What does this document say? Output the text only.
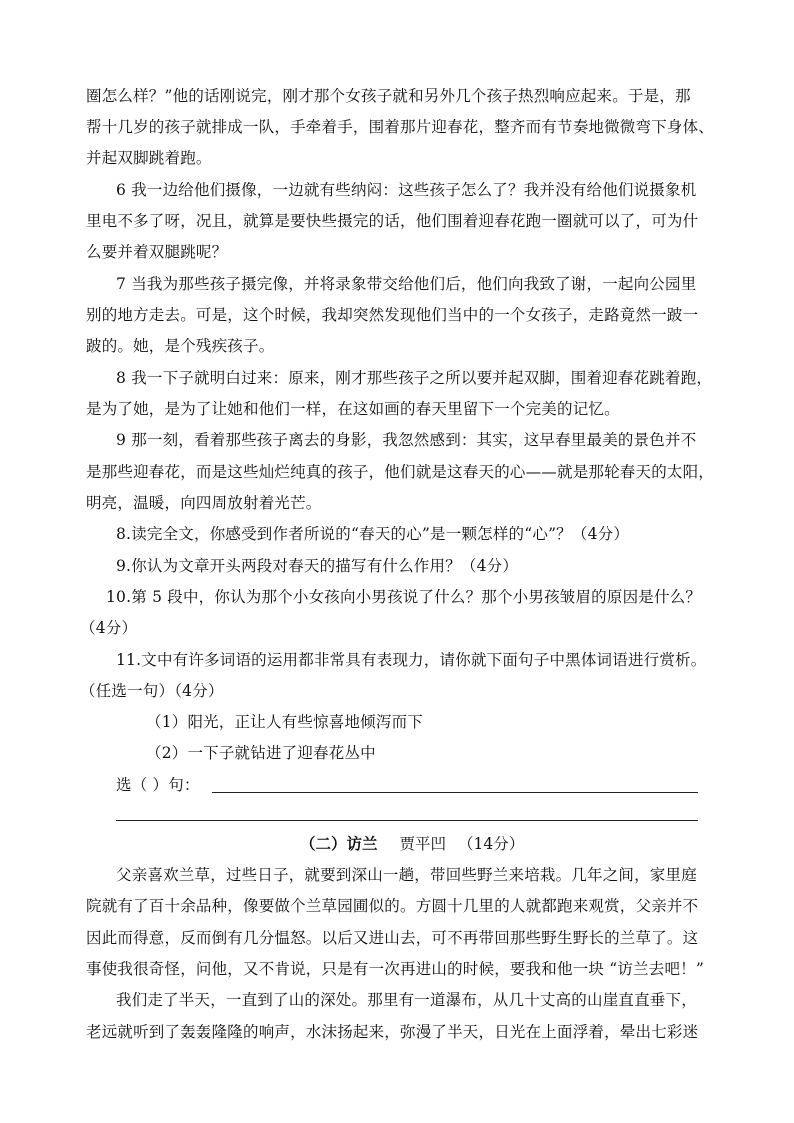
圈怎么样？”他的话刚说完，刚才那个女孩子就和另外几个孩子热烈响应起来。于是，那
帮十几岁的孩子就排成一队，手牵着手，围着那片迎春花，整齐而有节奏地微微弯下身体、
并起双脚跳着跑。
6 我一边给他们摄像，一边就有些纳闷：这些孩子怎么了？我并没有给他们说摄象机
里电不多了呀，况且，就算是要快些摄完的话，他们围着迎春花跑一圈就可以了，可为什
么要并着双腿跳呢？
7 当我为那些孩子摄完像，并将录象带交给他们后，他们向我致了谢，一起向公园里
别的地方走去。可是，这个时候，我却突然发现他们当中的一个女孩子，走路竟然一跛一
跛的。她，是个残疾孩子。
8 我一下子就明白过来：原来，刚才那些孩子之所以要并起双脚，围着迎春花跳着跑，
是为了她，是为了让她和他们一样，在这如画的春天里留下一个完美的记忆。
9 那一刻，看着那些孩子离去的身影，我忽然感到：其实，这早春里最美的景色并不
是那些迎春花，而是这些灿烂纯真的孩子，他们就是这春天的心——就是那轮春天的太阳，
明亮，温暖，向四周放射着光芒。
8.读完全文，你感受到作者所说的“春天的心”是一颗怎样的“心”？（4分）
9.你认为文章开头两段对春天的描写有什么作用？（4分）
10.第 5 段中，你认为那个小女孩向小男孩说了什么？那个小男孩皱眉的原因是什么？
（4分）
11.文中有许多词语的运用都非常具有表现力，请你就下面句子中黑体词语进行赏析。
（任选一句）（4分）
（1）阳光，正让人有些惊喜地倾泻而下
（2）一下子就钻进了迎春花丛中
选（ ）句：
（二）访兰 贾平凹 （14分）
父亲喜欢兰草，过些日子，就要到深山一趟，带回些野兰来培栽。几年之间，家里庭
院就有了百十余品种，像要做个兰草园圃似的。方圆十几里的人就都跑来观赏，父亲并不
因此而得意，反而倒有几分愠怒。以后又进山去，可不再带回那些野生野长的兰草了。这
事使我很奇怪，问他，又不肯说，只是有一次再进山的时候，要我和他一块 “访兰去吧！”
我们走了半天，一直到了山的深处。那里有一道瀑布，从几十丈高的山崖直直垂下，
老远就听到了轰轰隆隆的响声，水沫扬起来，弥漫了半天，日光在上面浮着，晕出七彩迷
